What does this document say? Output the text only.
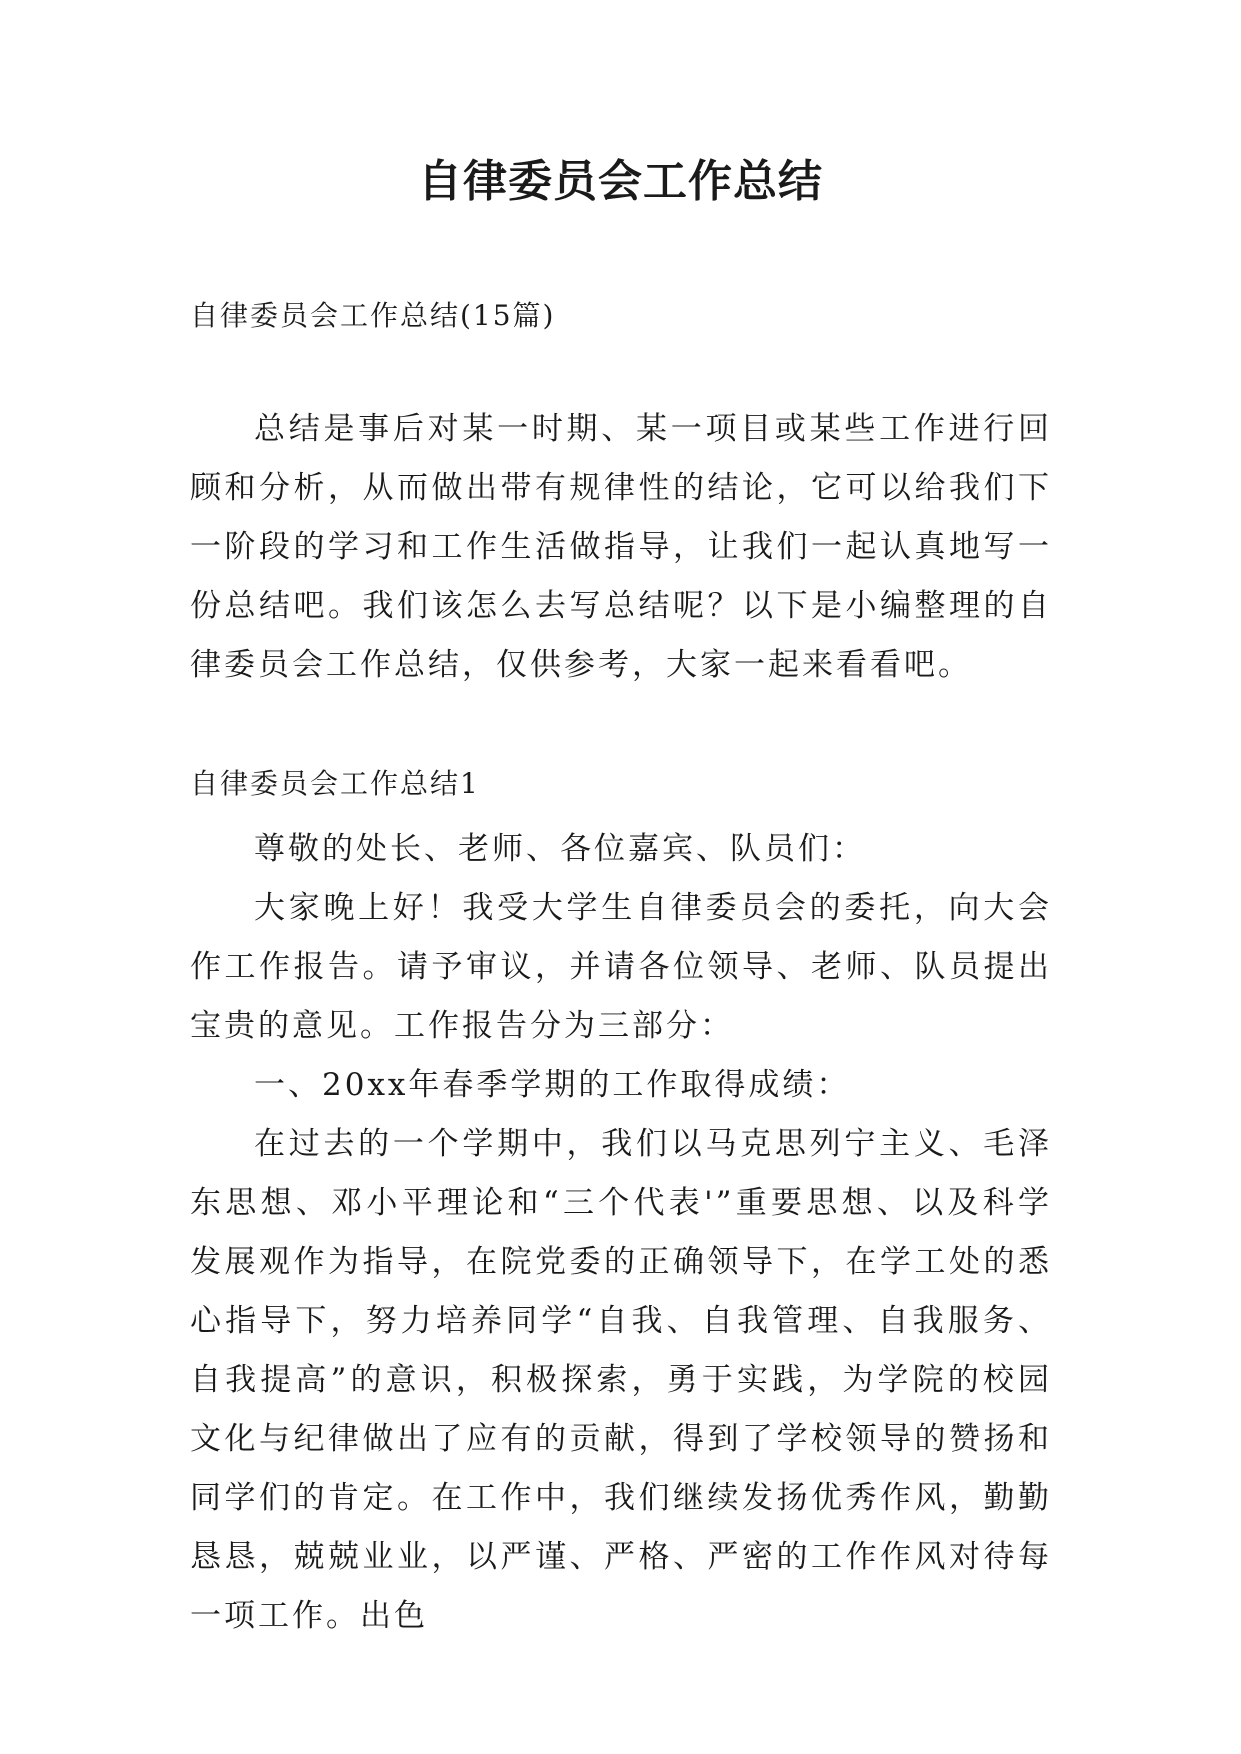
自律委员会工作总结

自律委员会工作总结(15篇)

总结是事后对某一时期、某一项目或某些工作进行回顾和分析，从而做出带有规律性的结论，它可以给我们下一阶段的学习和工作生活做指导，让我们一起认真地写一份总结吧。我们该怎么去写总结呢？以下是小编整理的自律委员会工作总结，仅供参考，大家一起来看看吧。

自律委员会工作总结1

尊敬的处长、老师、各位嘉宾、队员们：

大家晚上好！我受大学生自律委员会的委托，向大会作工作报告。请予审议，并请各位领导、老师、队员提出宝贵的意见。工作报告分为三部分：

一、20xx年春季学期的工作取得成绩：

在过去的一个学期中，我们以马克思列宁主义、毛泽东思想、邓小平理论和“三个代表'”重要思想、以及科学发展观作为指导，在院党委的正确领导下，在学工处的悉心指导下，努力培养同学“自我、自我管理、自我服务、自我提高”的意识，积极探索，勇于实践，为学院的校园文化与纪律做出了应有的贡献，得到了学校领导的赞扬和同学们的肯定。在工作中，我们继续发扬优秀作风，勤勤恳恳，兢兢业业，以严谨、严格、严密的工作作风对待每一项工作。出色
